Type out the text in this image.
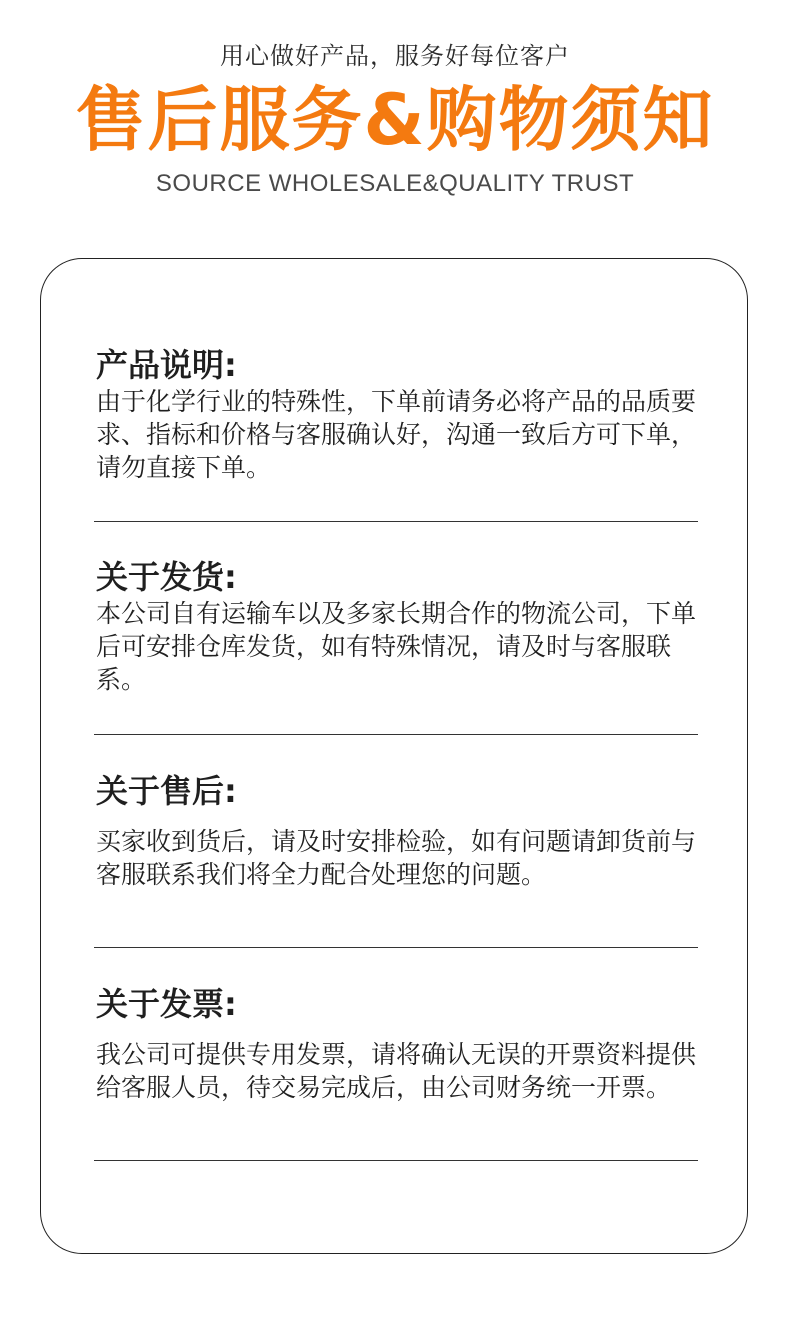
用心做好产品，服务好每位客户
售后服务&购物须知
SOURCE WHOLESALE&QUALITY TRUST
产品说明:
由于化学行业的特殊性，下单前请务必将产品的品质要求、指标和价格与客服确认好，沟通一致后方可下单，请勿直接下单。
关于发货:
本公司自有运输车以及多家长期合作的物流公司，下单后可安排仓库发货，如有特殊情况，请及时与客服联系。
关于售后:
买家收到货后，请及时安排检验，如有问题请卸货前与客服联系我们将全力配合处理您的问题。
关于发票:
我公司可提供专用发票，请将确认无误的开票资料提供给客服人员，待交易完成后，由公司财务统一开票。
